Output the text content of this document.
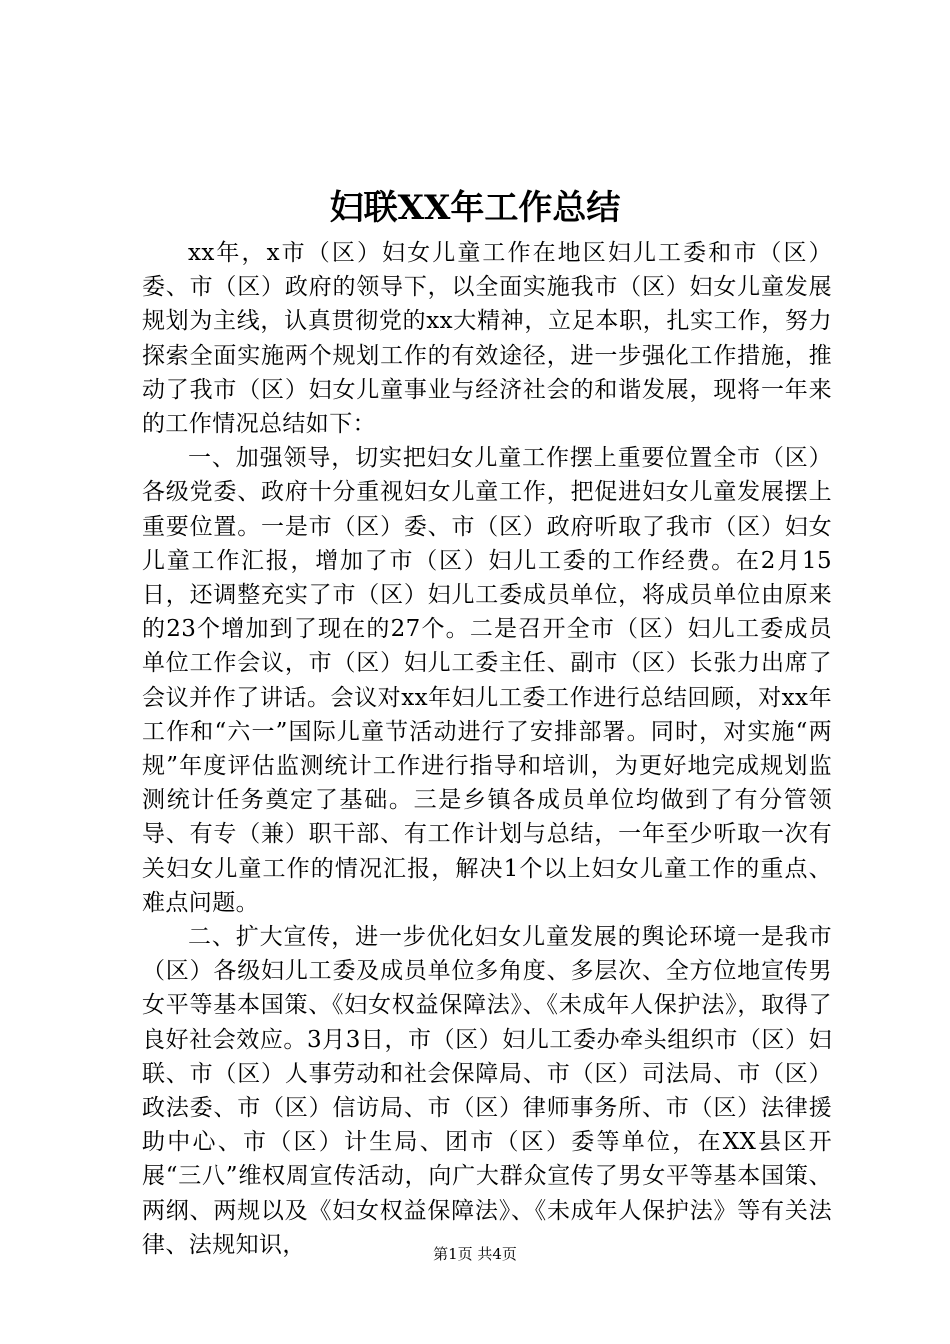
妇联XX年工作总结

xx年，x市（区）妇女儿童工作在地区妇儿工委和市（区）委、市（区）政府的领导下，以全面实施我市（区）妇女儿童发展规划为主线，认真贯彻党的xx大精神，立足本职，扎实工作，努力探索全面实施两个规划工作的有效途径，进一步强化工作措施，推动了我市（区）妇女儿童事业与经济社会的和谐发展，现将一年来的工作情况总结如下：

一、加强领导，切实把妇女儿童工作摆上重要位置全市（区）各级党委、政府十分重视妇女儿童工作，把促进妇女儿童发展摆上重要位置。一是市（区）委、市（区）政府听取了我市（区）妇女儿童工作汇报，增加了市（区）妇儿工委的工作经费。在2月15日，还调整充实了市（区）妇儿工委成员单位，将成员单位由原来的23个增加到了现在的27个。二是召开全市（区）妇儿工委成员单位工作会议，市（区）妇儿工委主任、副市（区）长张力出席了会议并作了讲话。会议对xx年妇儿工委工作进行总结回顾，对xx年工作和“六一”国际儿童节活动进行了安排部署。同时，对实施“两规”年度评估监测统计工作进行指导和培训，为更好地完成规划监测统计任务奠定了基础。三是乡镇各成员单位均做到了有分管领导、有专（兼）职干部、有工作计划与总结，一年至少听取一次有关妇女儿童工作的情况汇报，解决1个以上妇女儿童工作的重点、难点问题。

二、扩大宣传，进一步优化妇女儿童发展的舆论环境一是我市（区）各级妇儿工委及成员单位多角度、多层次、全方位地宣传男女平等基本国策、《妇女权益保障法》、《未成年人保护法》，取得了良好社会效应。3月3日，市（区）妇儿工委办牵头组织市（区）妇联、市（区）人事劳动和社会保障局、市（区）司法局、市（区）政法委、市（区）信访局、市（区）律师事务所、市（区）法律援助中心、市（区）计生局、团市（区）委等单位，在XX县区开展“三八”维权周宣传活动，向广大群众宣传了男女平等基本国策、两纲、两规以及《妇女权益保障法》、《未成年人保护法》等有关法律、法规知识，	第1页 共4页
